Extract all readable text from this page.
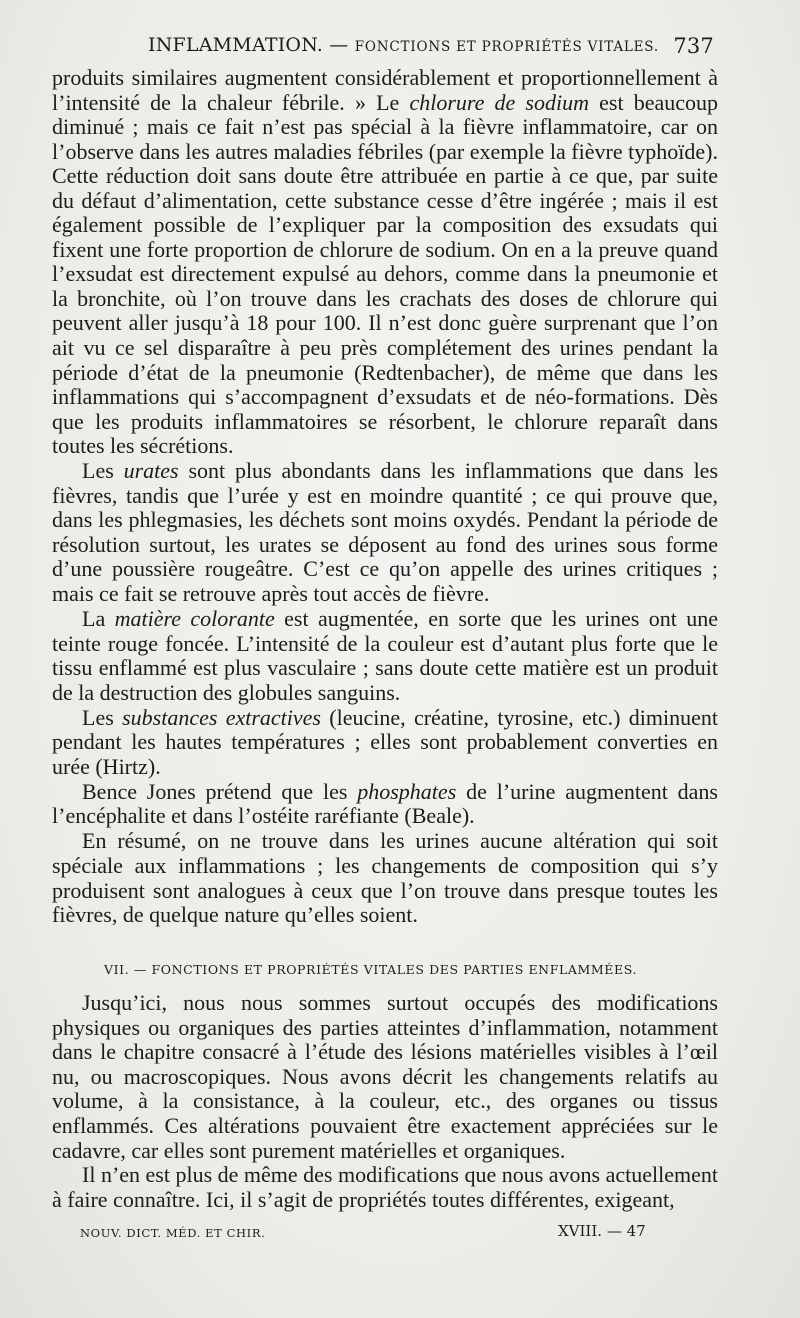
INFLAMMATION. — FONCTIONS ET PROPRIÉTÉS VITALES. 737

produits similaires augmentent considérablement et proportionnellement à l’intensité de la chaleur fébrile. » Le chlorure de sodium est beaucoup diminué ; mais ce fait n’est pas spécial à la fièvre inflammatoire, car on l’observe dans les autres maladies fébriles (par exemple la fièvre typhoïde). Cette réduction doit sans doute être attribuée en partie à ce que, par suite du défaut d’alimentation, cette substance cesse d’être ingérée ; mais il est également possible de l’expliquer par la composition des exsudats qui fixent une forte proportion de chlorure de sodium. On en a la preuve quand l’exsudat est directement expulsé au dehors, comme dans la pneumonie et la bronchite, où l’on trouve dans les crachats des doses de chlorure qui peuvent aller jusqu’à 18 pour 100. Il n’est donc guère surprenant que l’on ait vu ce sel disparaître à peu près complétement des urines pendant la période d’état de la pneumonie (Redtenbacher), de même que dans les inflammations qui s’accompagnent d’exsudats et de néo-formations. Dès que les produits inflammatoires se résorbent, le chlorure reparaît dans toutes les sécrétions.

Les urates sont plus abondants dans les inflammations que dans les fièvres, tandis que l’urée y est en moindre quantité ; ce qui prouve que, dans les phlegmasies, les déchets sont moins oxydés. Pendant la période de résolution surtout, les urates se déposent au fond des urines sous forme d’une poussière rougeâtre. C’est ce qu’on appelle des urines critiques ; mais ce fait se retrouve après tout accès de fièvre.

La matière colorante est augmentée, en sorte que les urines ont une teinte rouge foncée. L’intensité de la couleur est d’autant plus forte que le tissu enflammé est plus vasculaire ; sans doute cette matière est un produit de la destruction des globules sanguins.

Les substances extractives (leucine, créatine, tyrosine, etc.) diminuent pendant les hautes températures ; elles sont probablement converties en urée (Hirtz).

Bence Jones prétend que les phosphates de l’urine augmentent dans l’encéphalite et dans l’ostéite raréfiante (Beale).

En résumé, on ne trouve dans les urines aucune altération qui soit spéciale aux inflammations ; les changements de composition qui s’y produisent sont analogues à ceux que l’on trouve dans presque toutes les fièvres, de quelque nature qu’elles soient.

VII. — FONCTIONS ET PROPRIÉTÉS VITALES DES PARTIES ENFLAMMÉES.

Jusqu’ici, nous nous sommes surtout occupés des modifications physiques ou organiques des parties atteintes d’inflammation, notamment dans le chapitre consacré à l’étude des lésions matérielles visibles à l’œil nu, ou macroscopiques. Nous avons décrit les changements relatifs au volume, à la consistance, à la couleur, etc., des organes ou tissus enflammés. Ces altérations pouvaient être exactement appréciées sur le cadavre, car elles sont purement matérielles et organiques.

Il n’en est plus de même des modifications que nous avons actuellement à faire connaître. Ici, il s’agit de propriétés toutes différentes, exigeant,

NOUV. DICT. MÉD. ET CHIR.	XVIII. — 47
